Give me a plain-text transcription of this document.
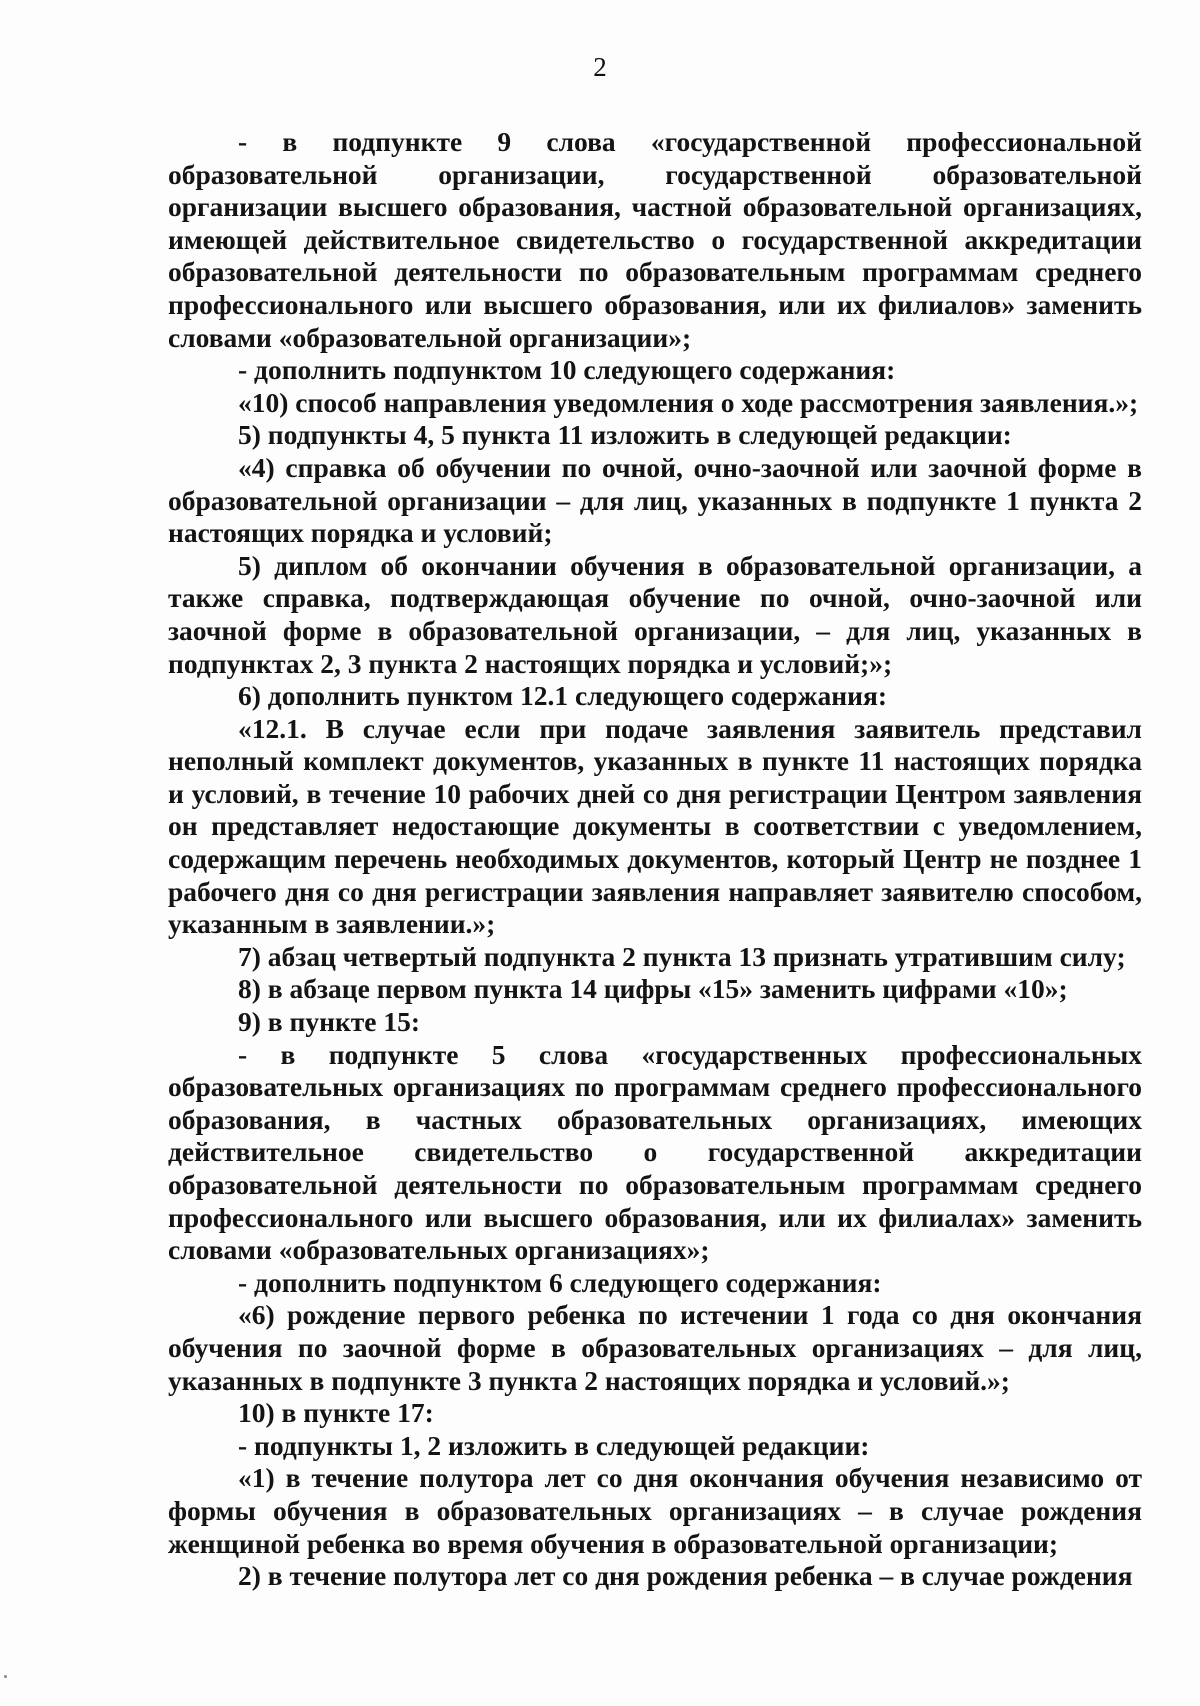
2

- в подпункте 9 слова «государственной профессиональной образовательной организации, государственной образовательной организации высшего образования, частной образовательной организациях, имеющей действительное свидетельство о государственной аккредитации образовательной деятельности по образовательным программам среднего профессионального или высшего образования, или их филиалов» заменить словами «образовательной организации»;

- дополнить подпунктом 10 следующего содержания:

«10) способ направления уведомления о ходе рассмотрения заявления.»;

5) подпункты 4, 5 пункта 11 изложить в следующей редакции:

«4) справка об обучении по очной, очно-заочной или заочной форме в образовательной организации – для лиц, указанных в подпункте 1 пункта 2 настоящих порядка и условий;

5) диплом об окончании обучения в образовательной организации, а также справка, подтверждающая обучение по очной, очно-заочной или заочной форме в образовательной организации, – для лиц, указанных в подпунктах 2, 3 пункта 2 настоящих порядка и условий;»;

6) дополнить пунктом 12.1 следующего содержания:

«12.1. В случае если при подаче заявления заявитель представил неполный комплект документов, указанных в пункте 11 настоящих порядка и условий, в течение 10 рабочих дней со дня регистрации Центром заявления он представляет недостающие документы в соответствии с уведомлением, содержащим перечень необходимых документов, который Центр не позднее 1 рабочего дня со дня регистрации заявления направляет заявителю способом, указанным в заявлении.»;

7) абзац четвертый подпункта 2 пункта 13 признать утратившим силу;

8) в абзаце первом пункта 14 цифры «15» заменить цифрами «10»;

9) в пункте 15:

- в подпункте 5 слова «государственных профессиональных образовательных организациях по программам среднего профессионального образования, в частных образовательных организациях, имеющих действительное свидетельство о государственной аккредитации образовательной деятельности по образовательным программам среднего профессионального или высшего образования, или их филиалах» заменить словами «образовательных организациях»;

- дополнить подпунктом 6 следующего содержания:

«6) рождение первого ребенка по истечении 1 года со дня окончания обучения по заочной форме в образовательных организациях – для лиц, указанных в подпункте 3 пункта 2 настоящих порядка и условий.»;

10) в пункте 17:

- подпункты 1, 2 изложить в следующей редакции:

«1) в течение полутора лет со дня окончания обучения независимо от формы обучения в образовательных организациях – в случае рождения женщиной ребенка во время обучения в образовательной организации;

2) в течение полутора лет со дня рождения ребенка – в случае рождения
